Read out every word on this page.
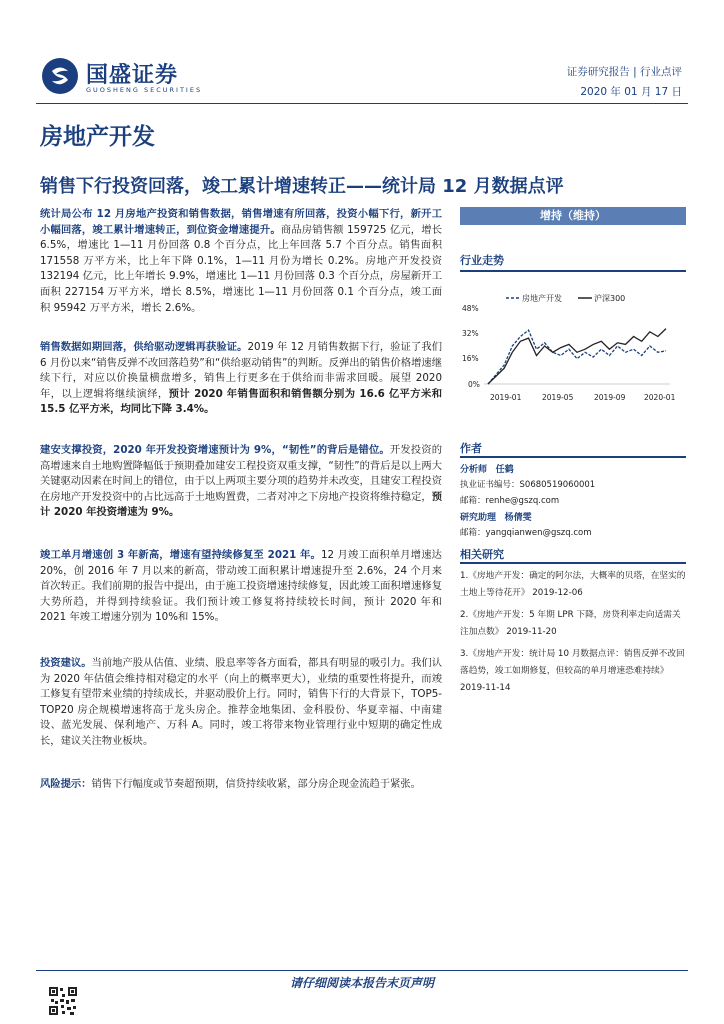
国盛证券
GUOSHENG SECURITIES
证券研究报告 | 行业点评
2020 年 01 月 17 日
房地产开发
销售下行投资回落，竣工累计增速转正——统计局 12 月数据点评
统计局公布 12 月房地产投资和销售数据，销售增速有所回落，投资小幅下行，新开工小幅回落，竣工累计增速转正，到位资金增速提升。商品房销售额 159725 亿元，增长 6.5%，增速比 1—11 月份回落 0.8 个百分点，比上年回落 5.7 个百分点。销售面积 171558 万平方米，比上年下降 0.1%，1—11 月份为增长 0.2%。房地产开发投资 132194 亿元，比上年增长 9.9%，增速比 1—11 月份回落 0.3 个百分点，房屋新开工面积 227154 万平方米，增长 8.5%，增速比 1—11 月份回落 0.1 个百分点，竣工面积 95942 万平方米，增长 2.6%。
销售数据如期回落，供给驱动逻辑再获验证。2019 年 12 月销售数据下行，验证了我们 6 月份以来“销售反弹不改回落趋势”和“供给驱动销售”的判断。反弹出的销售价格增速继续下行，对应以价换量横盘增多，销售上行更多在于供给而非需求回暖。展望 2020 年，以上逻辑将继续演绎，预计 2020 年销售面积和销售额分别为 16.6 亿平方米和 15.5 亿平方米，均同比下降 3.4%。
建安支撑投资，2020 年开发投资增速预计为 9%，“韧性”的背后是错位。开发投资的高增速来自土地购置降幅低于预期叠加建安工程投资双重支撑，“韧性”的背后是以上两大关键驱动因素在时间上的错位，由于以上两项主要分项的趋势并未改变，且建安工程投资在房地产开发投资中的占比远高于土地购置费，二者对冲之下房地产投资将维持稳定，预计 2020 年投资增速为 9%。
竣工单月增速创 3 年新高，增速有望持续修复至 2021 年。12 月竣工面积单月增速达 20%，创 2016 年 7 月以来的新高，带动竣工面积累计增速提升至 2.6%，24 个月来首次转正。我们前期的报告中提出，由于施工投资增速持续修复，因此竣工面积增速修复大势所趋，并得到持续验证。我们预计竣工修复将持续较长时间，预计 2020 年和 2021 年竣工增速分别为 10%和 15%。
投资建议。当前地产股从估值、业绩、股息率等各方面看，都具有明显的吸引力。我们认为 2020 年估值会维持相对稳定的水平（向上的概率更大），业绩的重要性将提升，而竣工修复有望带来业绩的持续成长，并驱动股价上行。同时，销售下行的大背景下，TOP5-TOP20 房企规模增速将高于龙头房企。推荐金地集团、金科股份、华夏幸福、中南建设、蓝光发展、保利地产、万科 A。同时，竣工将带来物业管理行业中短期的确定性成长，建议关注物业板块。
风险提示：销售下行幅度或节奏超预期，信贷持续收紧，部分房企现金流趋于紧张。
增持（维持）
行业走势
房地产开发	沪深300
48%
32%
16%
0%
2019-01	2019-05	2019-09 2020-01
作者
分析师 任鹤
执业证书编号：S0680519060001
邮箱：renhe@gszq.com
研究助理 杨倩雯
邮箱：yangqianwen@gszq.com
相关研究
1.《房地产开发：确定的阿尔法，大概率的贝塔，在坚实的土地上等待花开》 2019-12-06
2.《房地产开发：5 年期 LPR 下降，房贷利率走向适需关注加点数》 2019-11-20
3.《房地产开发：统计局 10 月数据点评：销售反弹不改回落趋势，竣工如期修复，但较高的单月增速恐难持续》 2019-11-14
请仔细阅读本报告末页声明
